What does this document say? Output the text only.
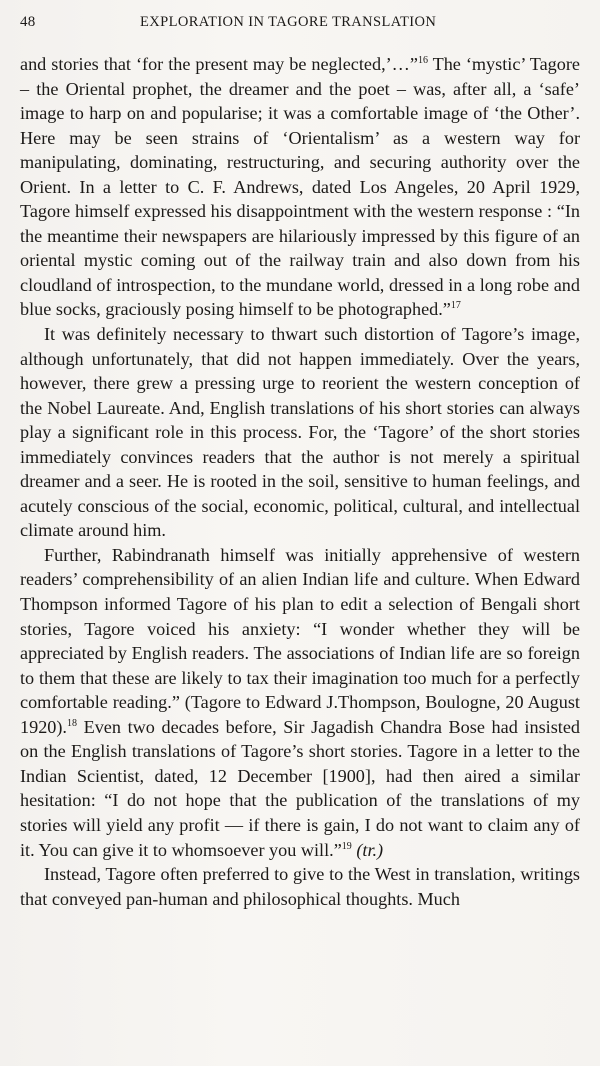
48	EXPLORATION IN TAGORE TRANSLATION

and stories that ‘for the present may be neglected,’…”$^{16}$ The ‘mystic’ Tagore – the Oriental prophet, the dreamer and the poet – was, after all, a ‘safe’ image to harp on and popularise; it was a comfortable image of ‘the Other’. Here may be seen strains of ‘Orientalism’ as a western way for manipulating, dominating, restructuring, and securing authority over the Orient. In a letter to C. F. Andrews, dated Los Angeles, 20 April 1929, Tagore himself expressed his disappointment with the western response : “In the meantime their newspapers are hilariously impressed by this figure of an oriental mystic coming out of the railway train and also down from his cloudland of introspection, to the mundane world, dressed in a long robe and blue socks, graciously posing himself to be photographed.”$^{17}$

It was definitely necessary to thwart such distortion of Tagore’s image, although unfortunately, that did not happen immediately. Over the years, however, there grew a pressing urge to reorient the western conception of the Nobel Laureate. And, English translations of his short stories can always play a significant role in this process. For, the ‘Tagore’ of the short stories immediately convinces readers that the author is not merely a spiritual dreamer and a seer. He is rooted in the soil, sensitive to human feelings, and acutely conscious of the social, economic, political, cultural, and intellectual climate around him.

Further, Rabindranath himself was initially apprehensive of western readers’ comprehensibility of an alien Indian life and culture. When Edward Thompson informed Tagore of his plan to edit a selection of Bengali short stories, Tagore voiced his anxiety: “I wonder whether they will be appreciated by English readers. The associations of Indian life are so foreign to them that these are likely to tax their imagination too much for a perfectly comfortable reading.” (Tagore to Edward J.Thompson, Boulogne, 20 August 1920).$^{18}$ Even two decades before, Sir Jagadish Chandra Bose had insisted on the English translations of Tagore’s short stories. Tagore in a letter to the Indian Scientist, dated, 12 December [1900], had then aired a similar hesitation: “I do not hope that the publication of the translations of my stories will yield any profit — if there is gain, I do not want to claim any of it. You can give it to whomsoever you will.”$^{19}$ (tr.)

Instead, Tagore often preferred to give to the West in translation, writings that conveyed pan-human and philosophical thoughts. Much
